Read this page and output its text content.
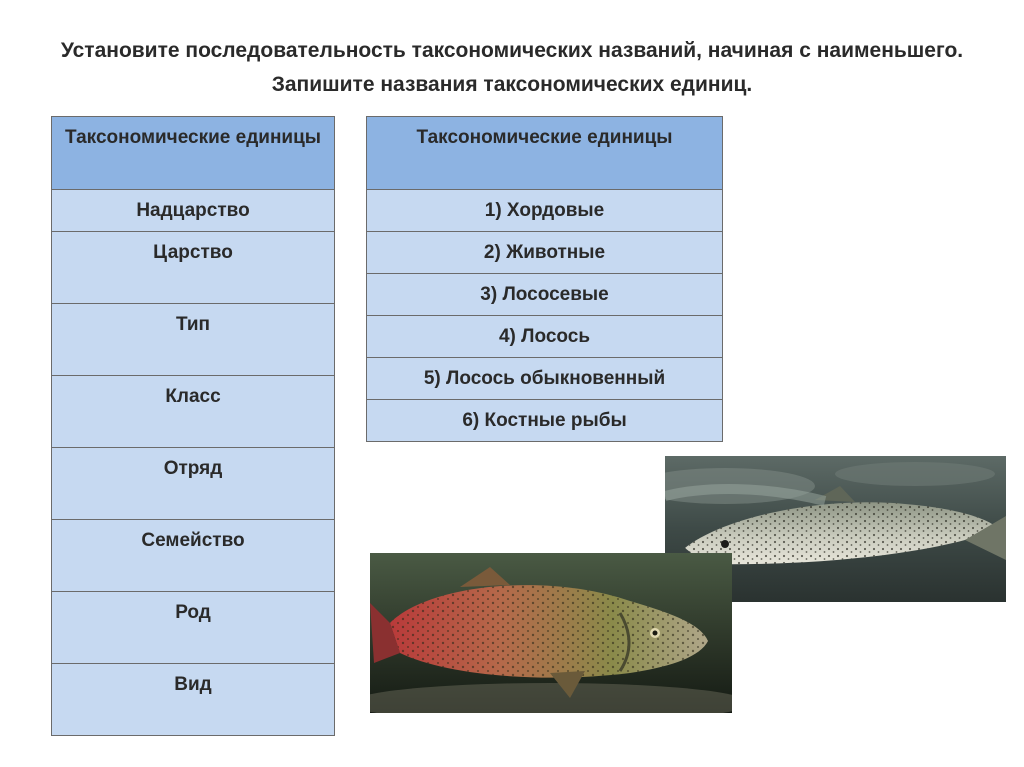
Установите последовательность таксономических названий, начиная с наименьшего. Запишите названия таксономических единиц.
Таксономические единицы
Надцарство
Царство
Тип
Класс
Отряд
Семейство
Род
Вид
Таксономические единицы
1) Хордовые
2) Животные
3) Лососевые
4) Лосось
5) Лосось обыкновенный
6) Костные рыбы
